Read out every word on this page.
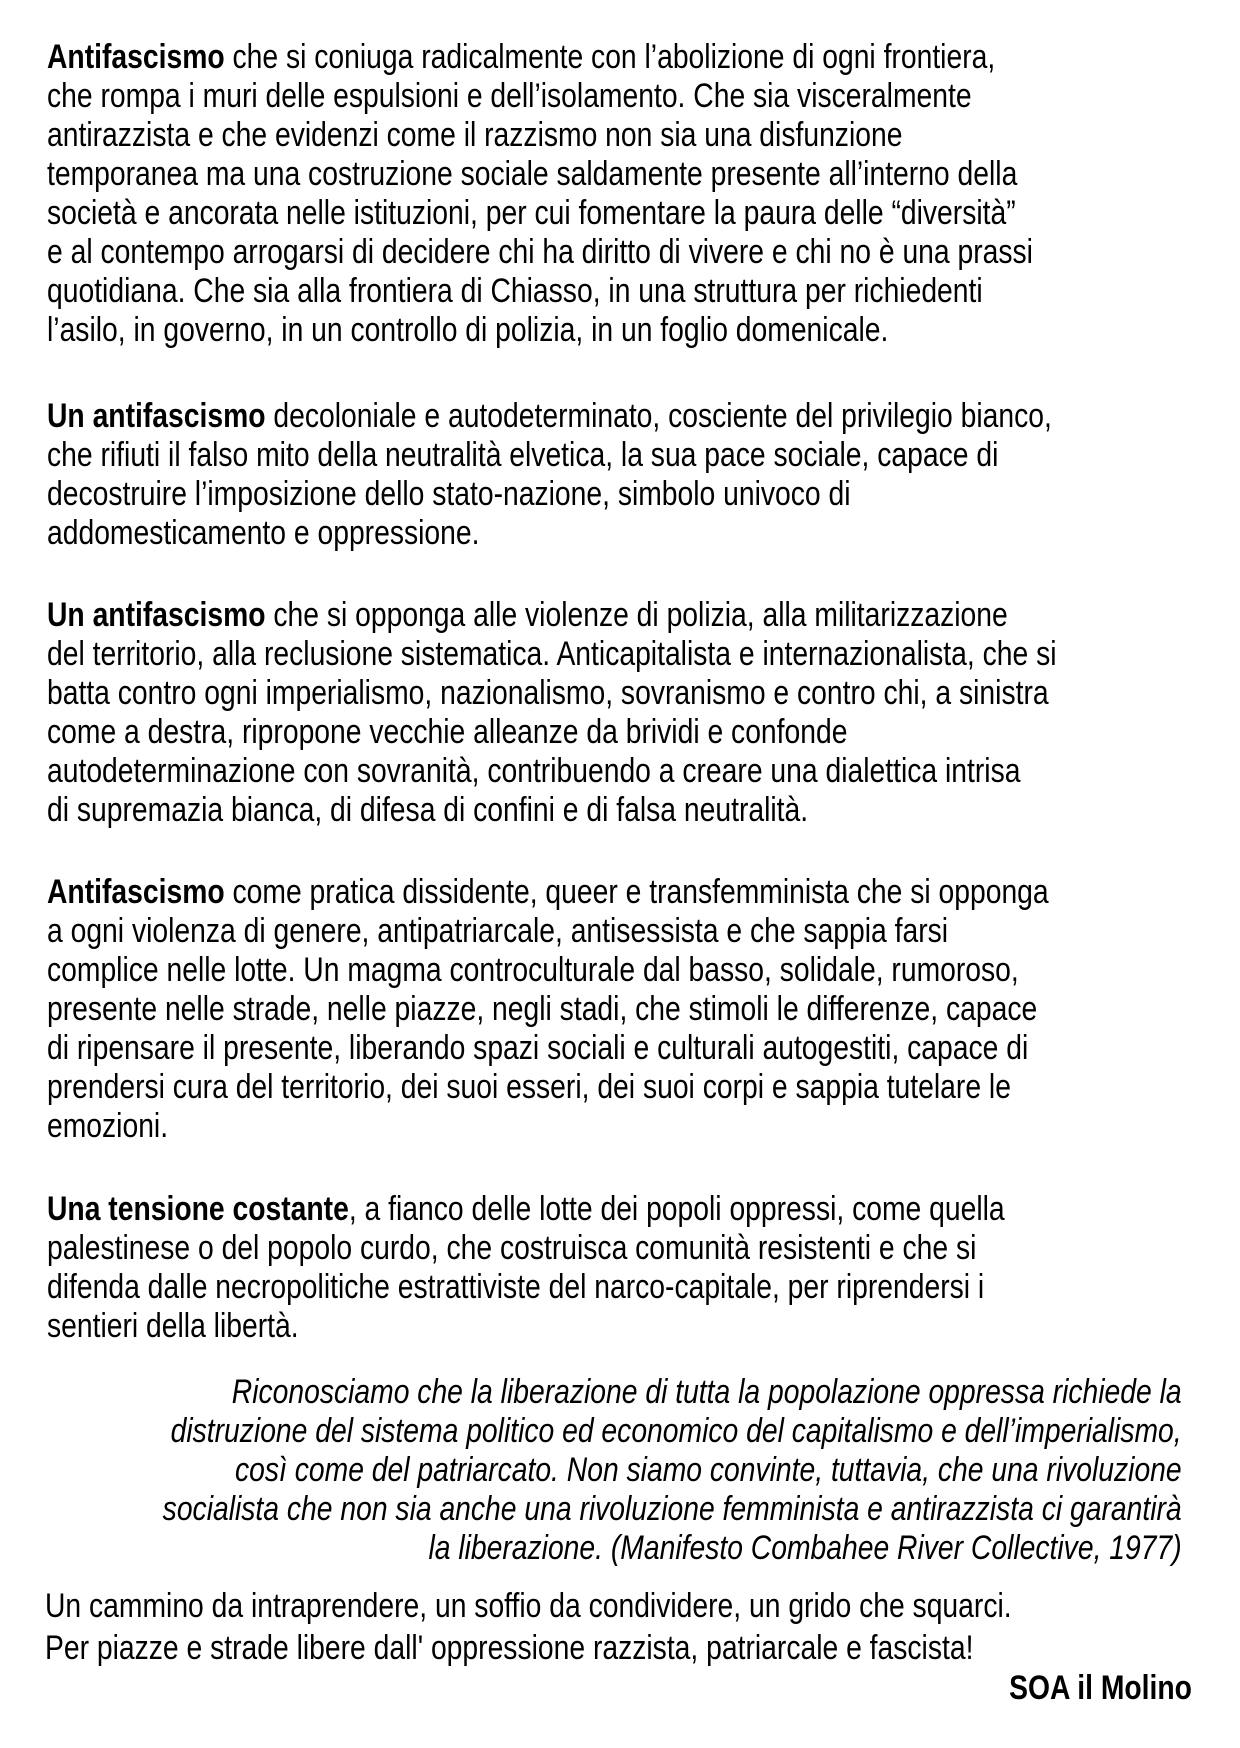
Antifascismo che si coniuga radicalmente con l’abolizione di ogni frontiera,
che rompa i muri delle espulsioni e dell’isolamento. Che sia visceralmente
antirazzista e che evidenzi come il razzismo non sia una disfunzione
temporanea ma una costruzione sociale saldamente presente all’interno della
società e ancorata nelle istituzioni, per cui fomentare la paura delle “diversità”
e al contempo arrogarsi di decidere chi ha diritto di vivere e chi no è una prassi
quotidiana. Che sia alla frontiera di Chiasso, in una struttura per richiedenti
l’asilo, in governo, in un controllo di polizia, in un foglio domenicale.

Un antifascismo decoloniale e autodeterminato, cosciente del privilegio bianco,
che rifiuti il falso mito della neutralità elvetica, la sua pace sociale, capace di
decostruire l’imposizione dello stato-nazione, simbolo univoco di
addomesticamento e oppressione.

Un antifascismo che si opponga alle violenze di polizia, alla militarizzazione
del territorio, alla reclusione sistematica. Anticapitalista e internazionalista, che si
batta contro ogni imperialismo, nazionalismo, sovranismo e contro chi, a sinistra
come a destra, ripropone vecchie alleanze da brividi e confonde
autodeterminazione con sovranità, contribuendo a creare una dialettica intrisa
di supremazia bianca, di difesa di confini e di falsa neutralità.

Antifascismo come pratica dissidente, queer e transfemminista che si opponga
a ogni violenza di genere, antipatriarcale, antisessista e che sappia farsi
complice nelle lotte. Un magma controculturale dal basso, solidale, rumoroso,
presente nelle strade, nelle piazze, negli stadi, che stimoli le differenze, capace
di ripensare il presente, liberando spazi sociali e culturali autogestiti, capace di
prendersi cura del territorio, dei suoi esseri, dei suoi corpi e sappia tutelare le
emozioni.

Una tensione costante, a fianco delle lotte dei popoli oppressi, come quella
palestinese o del popolo curdo, che costruisca comunità resistenti e che si
difenda dalle necropolitiche estrattiviste del narco-capitale, per riprendersi i
sentieri della libertà.

Riconosciamo che la liberazione di tutta la popolazione oppressa richiede la
distruzione del sistema politico ed economico del capitalismo e dell’imperialismo,
così come del patriarcato. Non siamo convinte, tuttavia, che una rivoluzione
socialista che non sia anche una rivoluzione femminista e antirazzista ci garantirà
la liberazione. (Manifesto Combahee River Collective, 1977)

Un cammino da intraprendere, un soffio da condividere, un grido che squarci.
Per piazze e strade libere dall' oppressione razzista, patriarcale e fascista!

SOA il Molino
